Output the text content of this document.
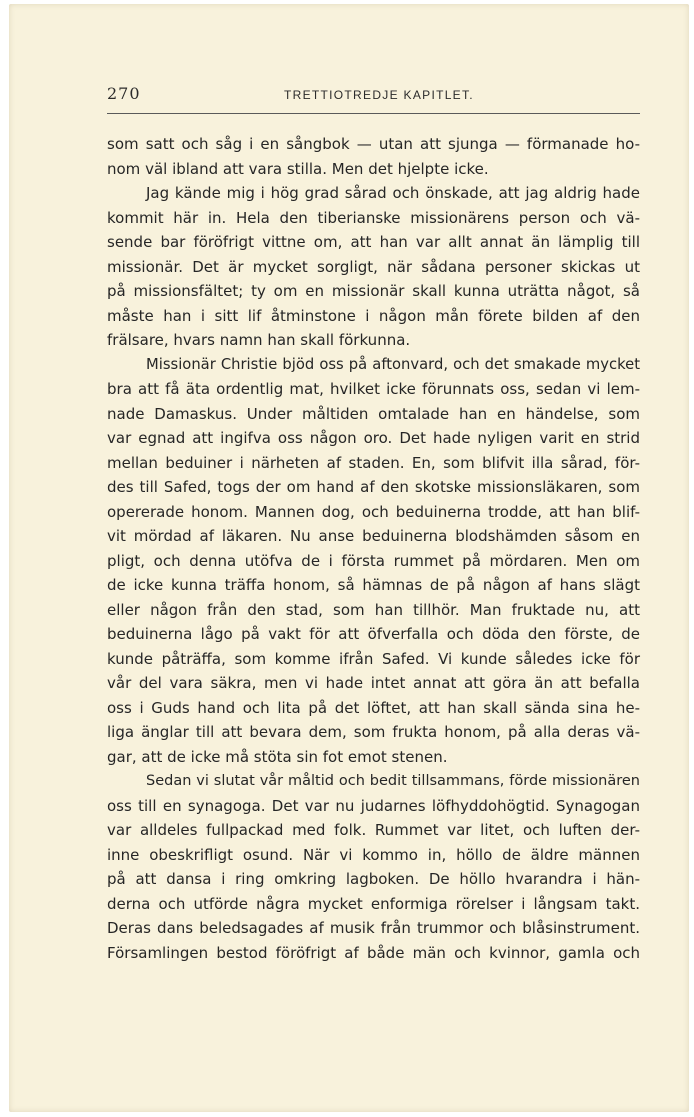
270	TRETTIOTREDJE KAPITLET.
som satt och såg i en sångbok — utan att sjunga — förmanade ho-
nom väl ibland att vara stilla. Men det hjelpte icke.
Jag kände mig i hög grad sårad och önskade, att jag aldrig hade
kommit här in. Hela den tiberianske missionärens person och vä-
sende bar föröfrigt vittne om, att han var allt annat än lämplig till
missionär. Det är mycket sorgligt, när sådana personer skickas ut
på missionsfältet; ty om en missionär skall kunna uträtta något, så
måste han i sitt lif åtminstone i någon mån förete bilden af den
frälsare, hvars namn han skall förkunna.
Missionär Christie bjöd oss på aftonvard, och det smakade mycket
bra att få äta ordentlig mat, hvilket icke förunnats oss, sedan vi lem-
nade Damaskus. Under måltiden omtalade han en händelse, som
var egnad att ingifva oss någon oro. Det hade nyligen varit en strid
mellan beduiner i närheten af staden. En, som blifvit illa sårad, för-
des till Safed, togs der om hand af den skotske missionsläkaren, som
opererade honom. Mannen dog, och beduinerna trodde, att han blif-
vit mördad af läkaren. Nu anse beduinerna blodshämden såsom en
pligt, och denna utöfva de i första rummet på mördaren. Men om
de icke kunna träffa honom, så hämnas de på någon af hans slägt
eller någon från den stad, som han tillhör. Man fruktade nu, att
beduinerna lågo på vakt för att öfverfalla och döda den förste, de
kunde påträffa, som komme ifrån Safed. Vi kunde således icke för
vår del vara säkra, men vi hade intet annat att göra än att befalla
oss i Guds hand och lita på det löftet, att han skall sända sina he-
liga änglar till att bevara dem, som frukta honom, på alla deras vä-
gar, att de icke må stöta sin fot emot stenen.
Sedan vi slutat vår måltid och bedit tillsammans, förde missionären
oss till en synagoga. Det var nu judarnes löfhyddohögtid. Synagogan
var alldeles fullpackad med folk. Rummet var litet, och luften der-
inne obeskrifligt osund. När vi kommo in, höllo de äldre männen
på att dansa i ring omkring lagboken. De höllo hvarandra i hän-
derna och utförde några mycket enformiga rörelser i långsam takt.
Deras dans beledsagades af musik från trummor och blåsinstrument.
Församlingen bestod föröfrigt af både män och kvinnor, gamla och
